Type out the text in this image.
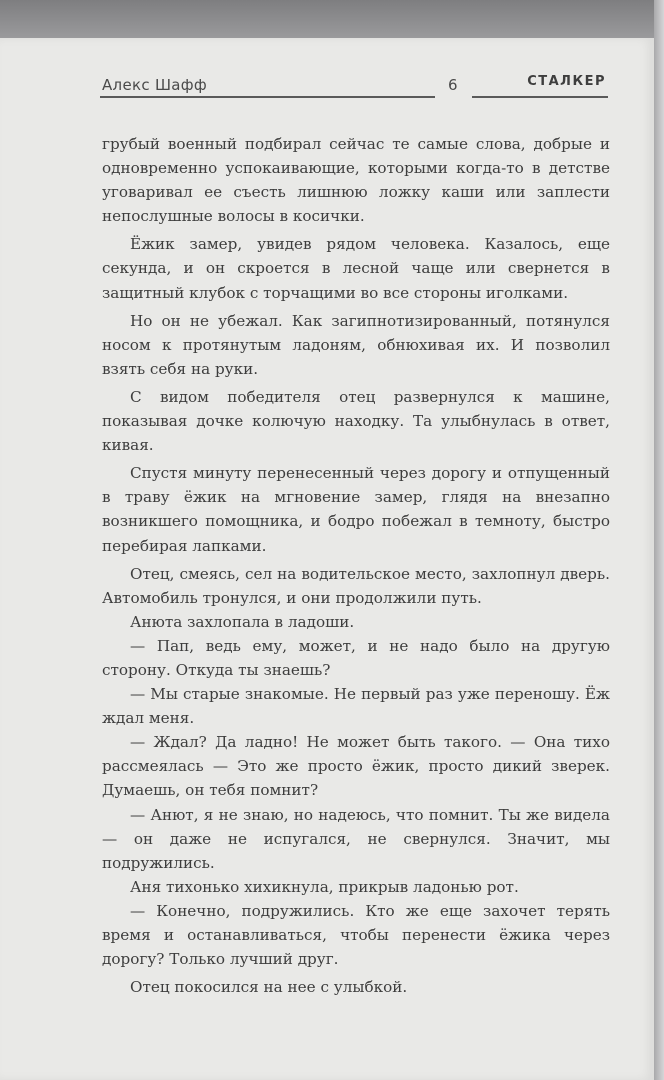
Алекс Шафф	6	СТАЛКЕР

грубый военный подбирал сейчас те самые слова, добрые и одновременно успокаивающие, которыми когда-то в детстве уговаривал ее съесть лишнюю ложку каши или заплести непослушные волосы в косички.

Ёжик замер, увидев рядом человека. Казалось, еще секунда, и он скроется в лесной чаще или свернется в защитный клубок с торчащими во все стороны иголками.

Но он не убежал. Как загипнотизированный, потянулся носом к протянутым ладоням, обнюхивая их. И позволил взять себя на руки.

С видом победителя отец развернулся к машине, показывая дочке колючую находку. Та улыбнулась в ответ, кивая.

Спустя минуту перенесенный через дорогу и отпущенный в траву ёжик на мгновение замер, глядя на внезапно возникшего помощника, и бодро побежал в темноту, быстро перебирая лапками.

Отец, смеясь, сел на водительское место, захлопнул дверь. Автомобиль тронулся, и они продолжили путь.

Анюта захлопала в ладоши.

— Пап, ведь ему, может, и не надо было на другую сторону. Откуда ты знаешь?

— Мы старые знакомые. Не первый раз уже переношу. Ёж ждал меня.

— Ждал? Да ладно! Не может быть такого. — Она тихо рассмеялась — Это же просто ёжик, просто дикий зверек. Думаешь, он тебя помнит?

— Анют, я не знаю, но надеюсь, что помнит. Ты же видела — он даже не испугался, не свернулся. Значит, мы подружились.

Аня тихонько хихикнула, прикрыв ладонью рот.

— Конечно, подружились. Кто же еще захочет терять время и останавливаться, чтобы перенести ёжика через дорогу? Только лучший друг.

Отец покосился на нее с улыбкой.
